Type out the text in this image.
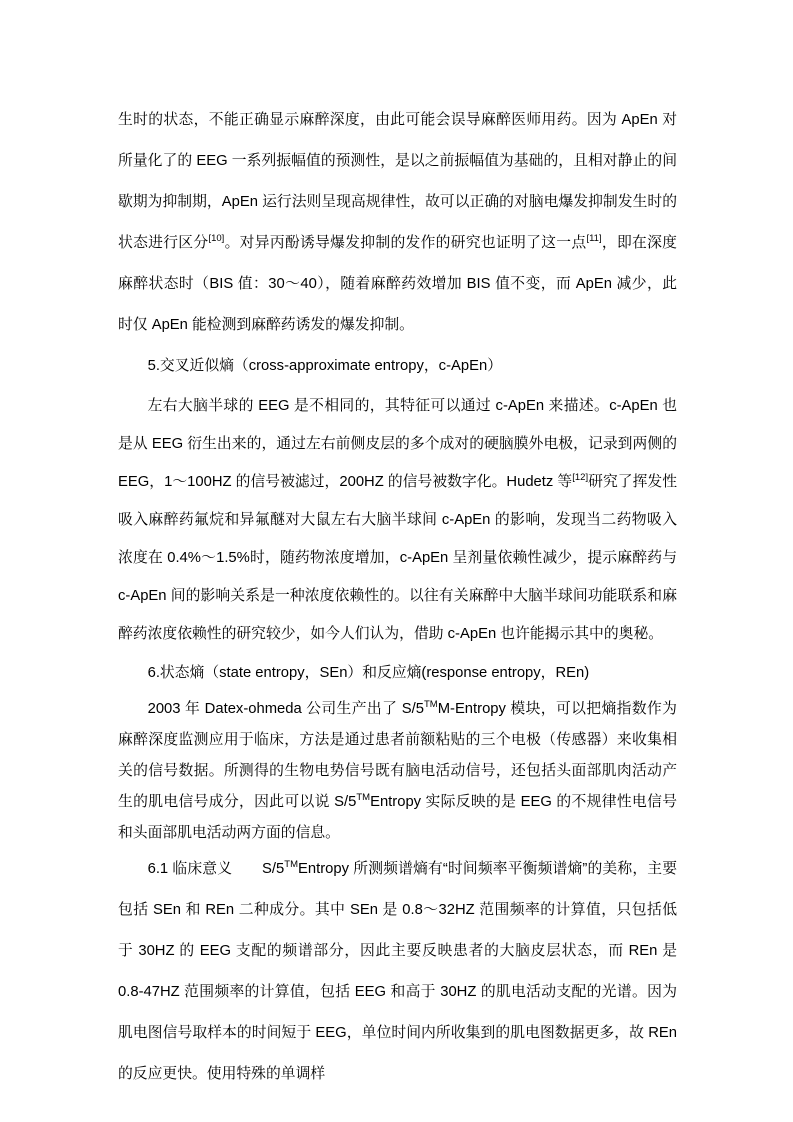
生时的状态，不能正确显示麻醉深度，由此可能会误导麻醉医师用药。因为 ApEn 对所量化了的 EEG 一系列振幅值的预测性，是以之前振幅值为基础的，且相对静止的间歇期为抑制期，ApEn 运行法则呈现高规律性，故可以正确的对脑电爆发抑制发生时的状态进行区分[10]。对异丙酚诱导爆发抑制的发作的研究也证明了这一点[11]，即在深度麻醉状态时（BIS 值：30～40），随着麻醉药效增加 BIS 值不变，而 ApEn 减少，此时仅 ApEn 能检测到麻醉药诱发的爆发抑制。

5.交叉近似熵（cross-approximate entropy，c-ApEn）

左右大脑半球的 EEG 是不相同的，其特征可以通过 c-ApEn 来描述。c-ApEn 也是从 EEG 衍生出来的，通过左右前侧皮层的多个成对的硬脑膜外电极，记录到两侧的 EEG，1～100HZ 的信号被滤过，200HZ 的信号被数字化。Hudetz 等[12]研究了挥发性吸入麻醉药氟烷和异氟醚对大鼠左右大脑半球间 c-ApEn 的影响，发现当二药物吸入浓度在 0.4%～1.5%时，随药物浓度增加，c-ApEn 呈剂量依赖性减少，提示麻醉药与 c-ApEn 间的影响关系是一种浓度依赖性的。以往有关麻醉中大脑半球间功能联系和麻醉药浓度依赖性的研究较少，如今人们认为，借助 c-ApEn 也许能揭示其中的奥秘。

6.状态熵（state entropy，SEn）和反应熵(response entropy，REn)

2003 年 Datex-ohmeda 公司生产出了 S/5™M-Entropy 模块，可以把熵指数作为麻醉深度监测应用于临床，方法是通过患者前额粘贴的三个电极（传感器）来收集相关的信号数据。所测得的生物电势信号既有脑电活动信号，还包括头面部肌肉活动产生的肌电信号成分，因此可以说 S/5™Entropy 实际反映的是 EEG 的不规律性电信号和头面部肌电活动两方面的信息。

6.1 临床意义　　S/5™Entropy 所测频谱熵有“时间频率平衡频谱熵”的美称，主要包括 SEn 和 REn 二种成分。其中 SEn 是 0.8～32HZ 范围频率的计算值，只包括低于 30HZ 的 EEG 支配的频谱部分，因此主要反映患者的大脑皮层状态，而 REn 是 0.8-47HZ 范围频率的计算值，包括 EEG 和高于 30HZ 的肌电活动支配的光谱。因为肌电图信号取样本的时间短于 EEG，单位时间内所收集到的肌电图数据更多，故 REn 的反应更快。使用特殊的单调样
